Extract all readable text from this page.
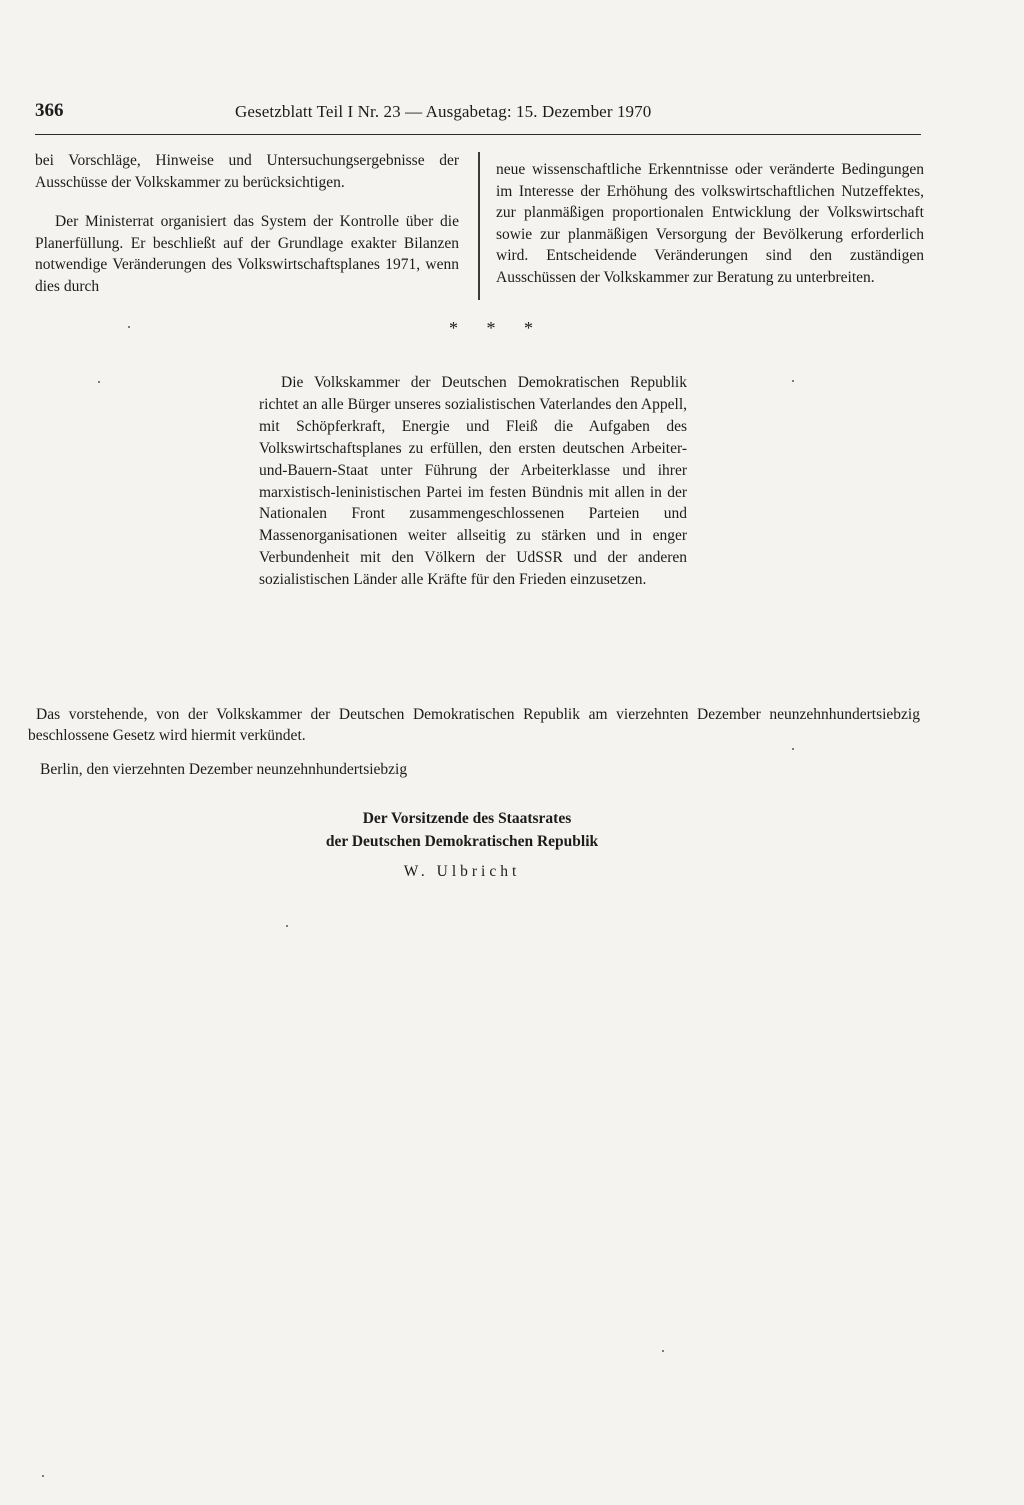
366	Gesetzblatt Teil I Nr. 23 — Ausgabetag: 15. Dezember 1970

bei Vorschläge, Hinweise und Untersuchungsergebnisse der Ausschüsse der Volkskammer zu berücksichtigen.

Der Ministerrat organisiert das System der Kontrolle über die Planerfüllung. Er beschließt auf der Grundlage exakter Bilanzen notwendige Veränderungen des Volkswirtschaftsplanes 1971, wenn dies durch

neue wissenschaftliche Erkenntnisse oder veränderte Bedingungen im Interesse der Erhöhung des volkswirtschaftlichen Nutzeffektes, zur planmäßigen proportionalen Entwicklung der Volkswirtschaft sowie zur planmäßigen Versorgung der Bevölkerung erforderlich wird. Entscheidende Veränderungen sind den zuständigen Ausschüssen der Volkskammer zur Beratung zu unterbreiten.

* * *

Die Volkskammer der Deutschen Demokratischen Republik richtet an alle Bürger unseres sozialistischen Vaterlandes den Appell, mit Schöpferkraft, Energie und Fleiß die Aufgaben des Volkswirtschaftsplanes zu erfüllen, den ersten deutschen Arbeiter-und-Bauern-Staat unter Führung der Arbeiterklasse und ihrer marxistisch-leninistischen Partei im festen Bündnis mit allen in der Nationalen Front zusammengeschlossenen Parteien und Massenorganisationen weiter allseitig zu stärken und in enger Verbundenheit mit den Völkern der UdSSR und der anderen sozialistischen Länder alle Kräfte für den Frieden einzusetzen.

Das vorstehende, von der Volkskammer der Deutschen Demokratischen Republik am vierzehnten Dezember neunzehnhundertsiebzig beschlossene Gesetz wird hiermit verkündet.
Berlin, den vierzehnten Dezember neunzehnhundertsiebzig
Der Vorsitzende des Staatsrates
der Deutschen Demokratischen Republik
W. Ulbricht
